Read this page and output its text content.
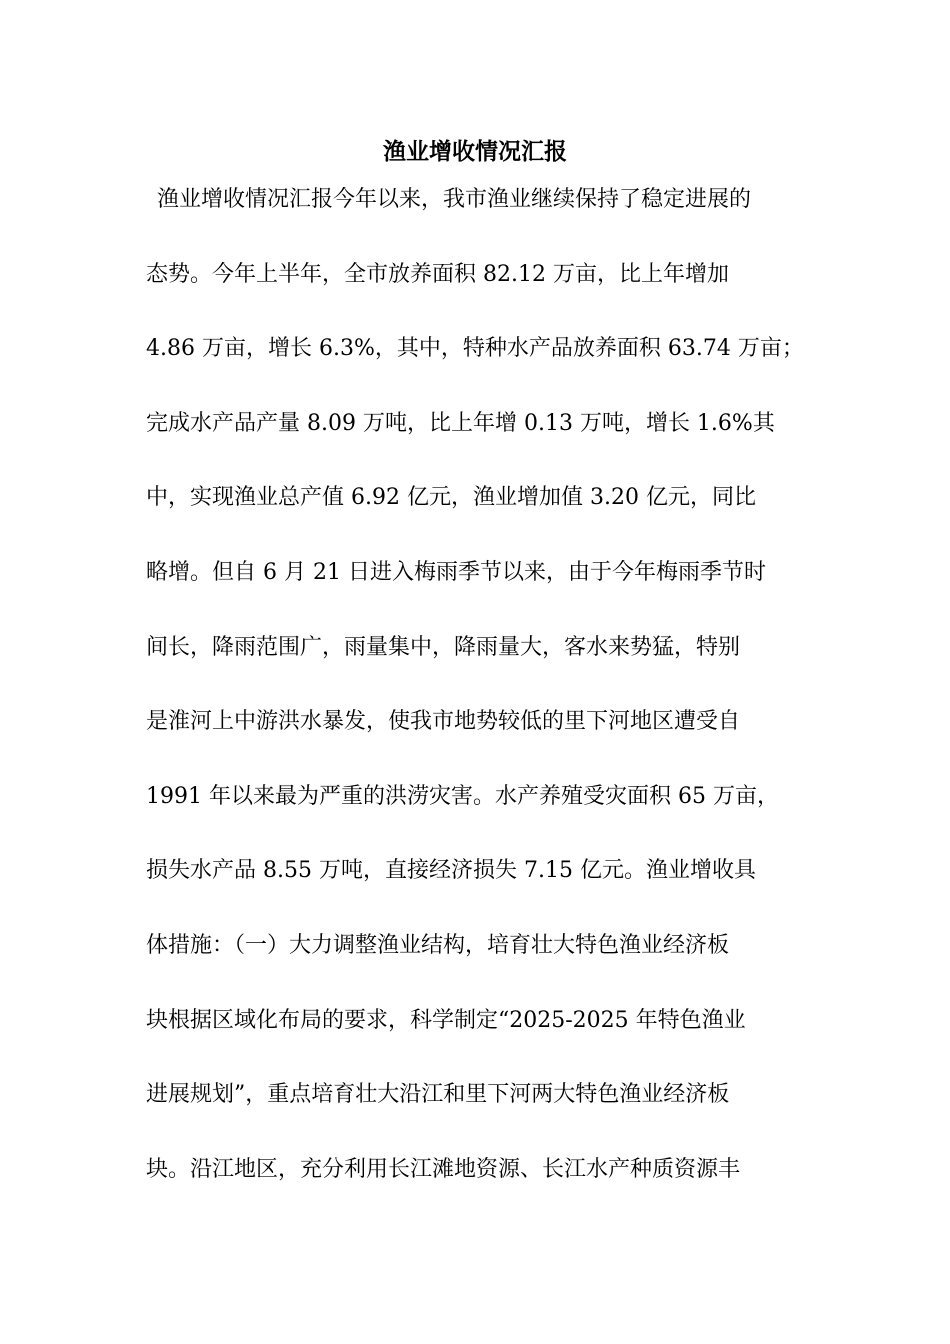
渔业增收情况汇报
渔业增收情况汇报今年以来，我市渔业继续保持了稳定进展的
态势。今年上半年，全市放养面积 82.12 万亩，比上年增加
4.86 万亩，增长 6.3%，其中，特种水产品放养面积 63.74 万亩；
完成水产品产量 8.09 万吨，比上年增 0.13 万吨，增长 1.6%其
中，实现渔业总产值 6.92 亿元，渔业增加值 3.20 亿元，同比
略增。但自 6 月 21 日进入梅雨季节以来，由于今年梅雨季节时
间长，降雨范围广，雨量集中，降雨量大，客水来势猛，特别
是淮河上中游洪水暴发，使我市地势较低的里下河地区遭受自
1991 年以来最为严重的洪涝灾害。水产养殖受灾面积 65 万亩，
损失水产品 8.55 万吨，直接经济损失 7.15 亿元。渔业增收具
体措施：（一）大力调整渔业结构，培育壮大特色渔业经济板
块根据区域化布局的要求，科学制定“2025-2025 年特色渔业
进展规划”，重点培育壮大沿江和里下河两大特色渔业经济板
块。沿江地区，充分利用长江滩地资源、长江水产种质资源丰
